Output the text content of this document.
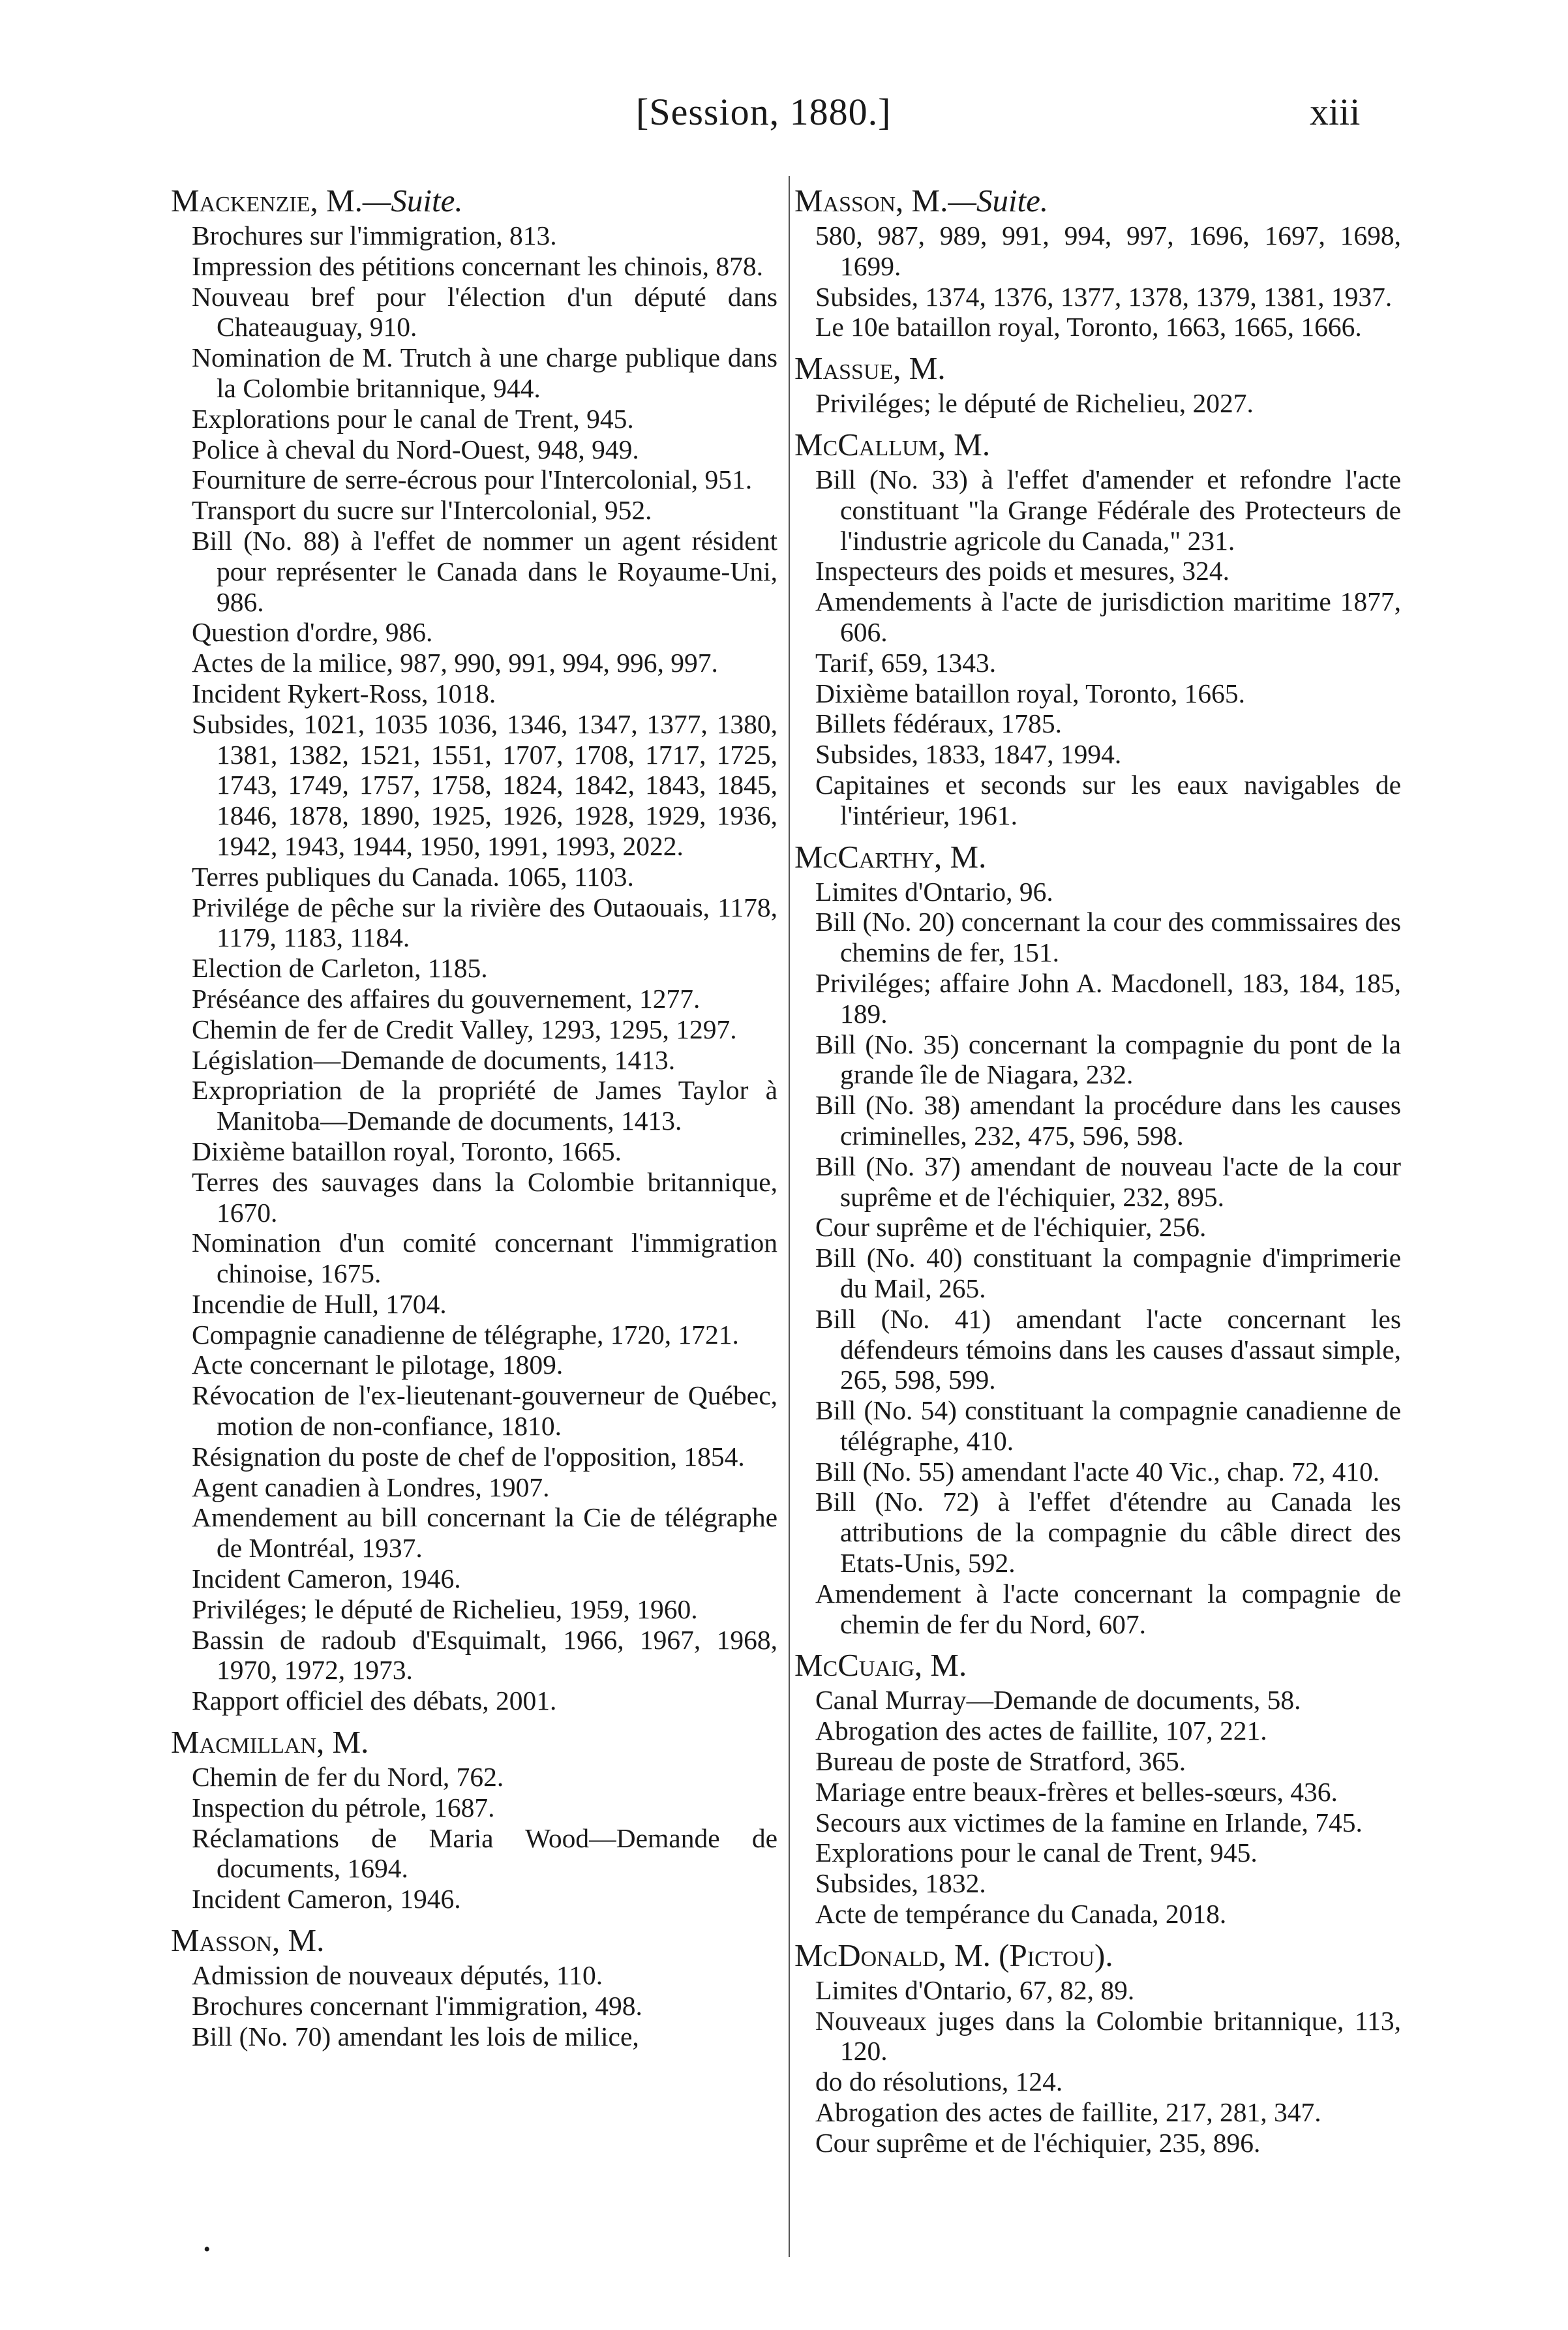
[Session, 1880.]	xiii
Mackenzie, M.—Suite.
Brochures sur l'immigration, 813.
Impression des pétitions concernant les chinois, 878.
Nouveau bref pour l'élection d'un député dans Chateauguay, 910.
Nomination de M. Trutch à une charge publique dans la Colombie britannique, 944.
Explorations pour le canal de Trent, 945.
Police à cheval du Nord-Ouest, 948, 949.
Fourniture de serre-écrous pour l'Intercolonial, 951.
Transport du sucre sur l'Intercolonial, 952.
Bill (No. 88) à l'effet de nommer un agent résident pour représenter le Canada dans le Royaume-Uni, 986.
Question d'ordre, 986.
Actes de la milice, 987, 990, 991, 994, 996, 997.
Incident Rykert-Ross, 1018.
Subsides, 1021, 1035 1036, 1346, 1347, 1377, 1380, 1381, 1382, 1521, 1551, 1707, 1708, 1717, 1725, 1743, 1749, 1757, 1758, 1824, 1842, 1843, 1845, 1846, 1878, 1890, 1925, 1926, 1928, 1929, 1936, 1942, 1943, 1944, 1950, 1991, 1993, 2022.
Terres publiques du Canada. 1065, 1103.
Privilége de pêche sur la rivière des Outaouais, 1178, 1179, 1183, 1184.
Election de Carleton, 1185.
Préséance des affaires du gouvernement, 1277.
Chemin de fer de Credit Valley, 1293, 1295, 1297.
Législation—Demande de documents, 1413.
Expropriation de la propriété de James Taylor à Manitoba—Demande de documents, 1413.
Dixième bataillon royal, Toronto, 1665.
Terres des sauvages dans la Colombie britannique, 1670.
Nomination d'un comité concernant l'immigration chinoise, 1675.
Incendie de Hull, 1704.
Compagnie canadienne de télégraphe, 1720, 1721.
Acte concernant le pilotage, 1809.
Révocation de l'ex-lieutenant-gouverneur de Québec, motion de non-confiance, 1810.
Résignation du poste de chef de l'opposition, 1854.
Agent canadien à Londres, 1907.
Amendement au bill concernant la Cie de télégraphe de Montréal, 1937.
Incident Cameron, 1946.
Priviléges; le député de Richelieu, 1959, 1960.
Bassin de radoub d'Esquimalt, 1966, 1967, 1968, 1970, 1972, 1973.
Rapport officiel des débats, 2001.
Macmillan, M.
Chemin de fer du Nord, 762.
Inspection du pétrole, 1687.
Réclamations de Maria Wood—Demande de documents, 1694.
Incident Cameron, 1946.
Masson, M.
Admission de nouveaux députés, 110.
Brochures concernant l'immigration, 498.
Bill (No. 70) amendant les lois de milice,
Masson, M.—Suite.
580, 987, 989, 991, 994, 997, 1696, 1697, 1698, 1699.
Subsides, 1374, 1376, 1377, 1378, 1379, 1381, 1937.
Le 10e bataillon royal, Toronto, 1663, 1665, 1666.
Massue, M.
Priviléges; le député de Richelieu, 2027.
McCallum, M.
Bill (No. 33) à l'effet d'amender et refondre l'acte constituant "la Grange Fédérale des Protecteurs de l'industrie agricole du Canada," 231.
Inspecteurs des poids et mesures, 324.
Amendements à l'acte de jurisdiction maritime 1877, 606.
Tarif, 659, 1343.
Dixième bataillon royal, Toronto, 1665.
Billets fédéraux, 1785.
Subsides, 1833, 1847, 1994.
Capitaines et seconds sur les eaux navigables de l'intérieur, 1961.
McCarthy, M.
Limites d'Ontario, 96.
Bill (No. 20) concernant la cour des commissaires des chemins de fer, 151.
Priviléges; affaire John A. Macdonell, 183, 184, 185, 189.
Bill (No. 35) concernant la compagnie du pont de la grande île de Niagara, 232.
Bill (No. 38) amendant la procédure dans les causes criminelles, 232, 475, 596, 598.
Bill (No. 37) amendant de nouveau l'acte de la cour suprême et de l'échiquier, 232, 895.
Cour suprême et de l'échiquier, 256.
Bill (No. 40) constituant la compagnie d'imprimerie du Mail, 265.
Bill (No. 41) amendant l'acte concernant les défendeurs témoins dans les causes d'assaut simple, 265, 598, 599.
Bill (No. 54) constituant la compagnie canadienne de télégraphe, 410.
Bill (No. 55) amendant l'acte 40 Vic., chap. 72, 410.
Bill (No. 72) à l'effet d'étendre au Canada les attributions de la compagnie du câble direct des Etats-Unis, 592.
Amendement à l'acte concernant la compagnie de chemin de fer du Nord, 607.
McCuaig, M.
Canal Murray—Demande de documents, 58.
Abrogation des actes de faillite, 107, 221.
Bureau de poste de Stratford, 365.
Mariage entre beaux-frères et belles-sœurs, 436.
Secours aux victimes de la famine en Irlande, 745.
Explorations pour le canal de Trent, 945.
Subsides, 1832.
Acte de tempérance du Canada, 2018.
McDonald, M. (Pictou).
Limites d'Ontario, 67, 82, 89.
Nouveaux juges dans la Colombie britannique, 113, 120.
do do résolutions, 124.
Abrogation des actes de faillite, 217, 281, 347.
Cour suprême et de l'échiquier, 235, 896.
•
